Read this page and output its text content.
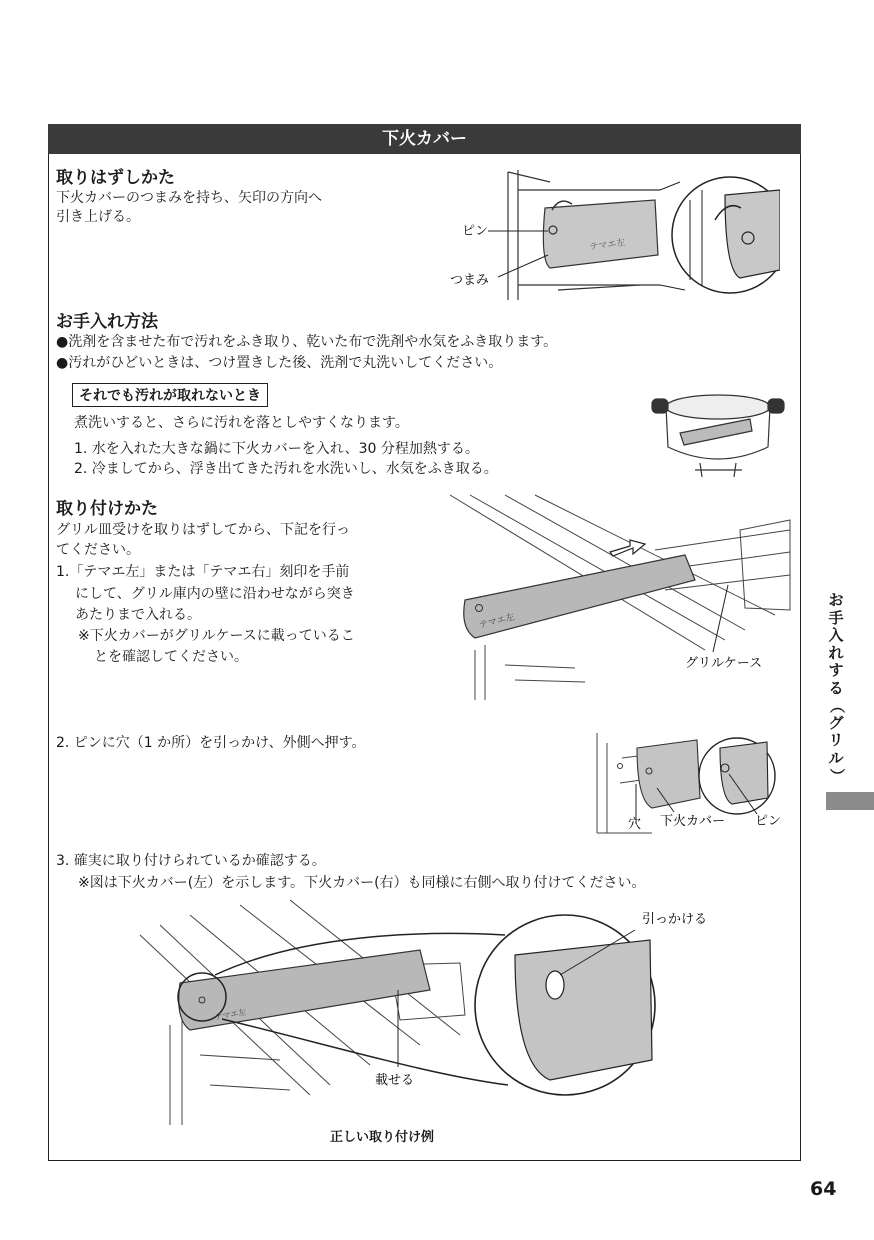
下火カバー
取りはずしかた
下火カバーのつまみを持ち、矢印の方向へ
引き上げる。
テマエ左
ピン
つまみ
お手入れ方法
●洗剤を含ませた布で汚れをふき取り、乾いた布で洗剤や水気をふき取ります。
●汚れがひどいときは、つけ置きした後、洗剤で丸洗いしてください。
それでも汚れが取れないとき
煮洗いすると、さらに汚れを落としやすくなります。
1. 水を入れた大きな鍋に下火カバーを入れ、30 分程加熱する。
2. 冷ましてから、浮き出てきた汚れを水洗いし、水気をふき取る。
取り付けかた
グリル皿受けを取りはずしてから、下記を行っ
てください。
1.「テマエ左」または「テマエ右」刻印を手前
にして、グリル庫内の壁に沿わせながら突き
あたりまで入れる。
※下火カバーがグリルケースに載っているこ
とを確認してください。
テマエ左
グリルケース
2. ピンに穴（1 か所）を引っかけ、外側へ押す。
穴 下火カバー ピン
3. 確実に取り付けられているか確認する。
※図は下火カバー(左）を示します。下火カバー(右）も同様に右側へ取り付けてください。
テマエ左
引っかける
載せる
正しい取り付け例
お
手
入
れ
す
る
（
グ
リ
ル
）
64
